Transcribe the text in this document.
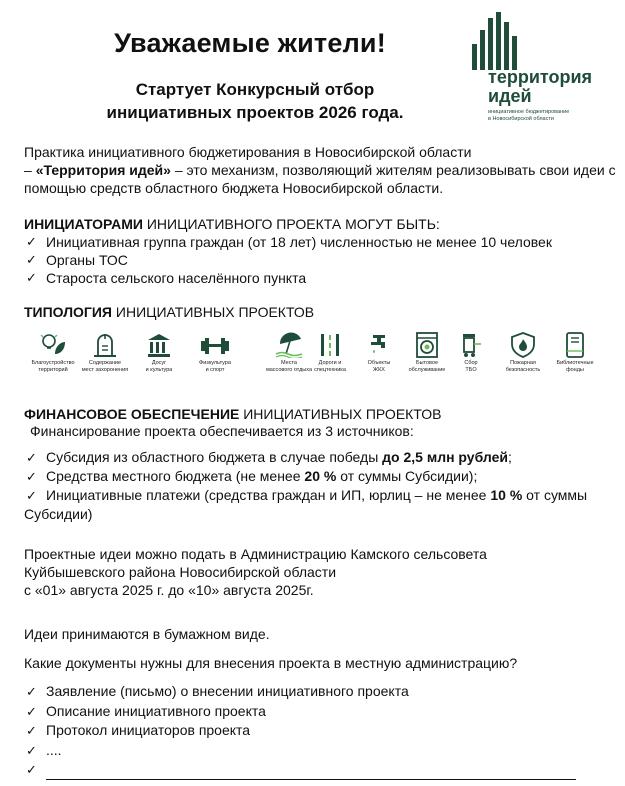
Уважаемые жители!
Стартует Конкурсный отбор
инициативных проектов 2026 года.
территория
идей
инициативное бюджетирование
в Новосибирской области
Практика инициативного бюджетирования в Новосибирской области
– «Территория идей» – это механизм, позволяющий жителям реализовывать свои идеи с помощью средств областного бюджета Новосибирской области.
ИНИЦИАТОРАМИ ИНИЦИАТИВНОГО ПРОЕКТА МОГУТ БЫТЬ:
✓ Инициативная группа граждан (от 18 лет) численностью не менее 10 человек
✓ Органы ТОС
✓ Староста сельского населённого пункта
ТИПОЛОГИЯ ИНИЦИАТИВНЫХ ПРОЕКТОВ
Благоустройство
территорий
Содержание
мест захоронения
Досуг
и культура
Физкультура
и спорт
Места
массового отдыха
Дороги и
спецтехника
Объекты
ЖКХ
Бытовое
обслуживание
Сбор
ТБО
Пожарная
безопасность
Библиотечные
фонды
ФИНАНСОВОЕ ОБЕСПЕЧЕНИЕ ИНИЦИАТИВНЫХ ПРОЕКТОВ
Финансирование проекта обеспечивается из 3 источников:
✓ Субсидия из областного бюджета в случае победы до 2,5 млн рублей;
✓ Средства местного бюджета (не менее 20 % от суммы Субсидии);
✓ Инициативные платежи (средства граждан и ИП, юрлиц – не менее 10 % от суммы Субсидии)
Проектные идеи можно подать в Администрацию Камского сельсовета
Куйбышевского района Новосибирской области
с «01» августа 2025 г. до «10» августа 2025г.
Идеи принимаются в бумажном виде.
Какие документы нужны для внесения проекта в местную администрацию?
✓ Заявление (письмо) о внесении инициативного проекта
✓ Описание инициативного проекта
✓ Протокол инициаторов проекта
✓ ....
✓
